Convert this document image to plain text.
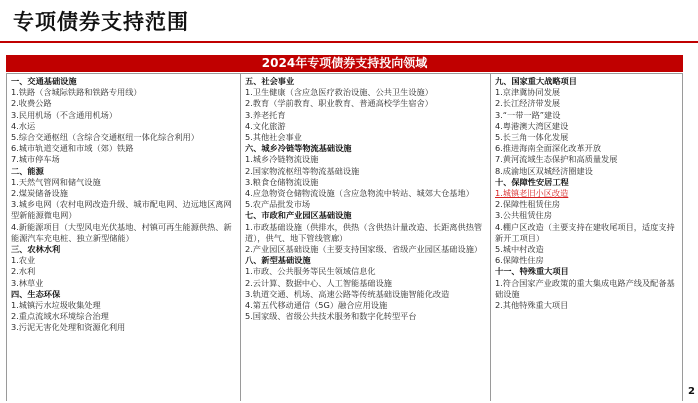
专项债券支持范围
2024年专项债券支持投向领域
一、交通基础设施
1.铁路（含城际铁路和铁路专用线）
2.收费公路
3.民用机场（不含通用机场）
4.水运
5.综合交通枢纽（含综合交通枢纽一体化综合利用）
6.城市轨道交通和市域（郊）铁路
7.城市停车场
二、能源
1.天然气管网和储气设施
2.煤炭储备设施
3.城乡电网（农村电网改造升级、城市配电网、边远地区离网型新能源微电网）
4.新能源项目（大型风电光伏基地、村镇可再生能源供热、新能源汽车充电桩、独立新型储能）
三、农林水利
1.农业
2.水利
3.林草业
四、生态环保
1.城镇污水垃圾收集处理
2.重点流域水环境综合治理
3.污泥无害化处理和资源化利用
五、社会事业
1.卫生健康（含应急医疗救治设施、公共卫生设施）
2.教育（学前教育、职业教育、普通高校学生宿舍）
3.养老托育
4.文化旅游
5.其他社会事业
六、城乡冷链等物流基础设施
1.城乡冷链物流设施
2.国家物流枢纽等物流基础设施
3.粮食仓储物流设施
4.应急物资仓储物流设施（含应急物流中转站、城郊大仓基地）
5.农产品批发市场
七、市政和产业园区基础设施
1.市政基础设施（供排水，供热（含供热计量改造、长距离供热管道），供气、地下管线管廊）
2.产业园区基础设施（主要支持国家级、省级产业园区基础设施）
八、新型基础设施
1.市政、公共服务等民生领域信息化
2.云计算、数据中心、人工智能基础设施
3.轨道交通、机场、高速公路等传统基础设施智能化改造
4.第五代移动通信（5G）融合应用设施
5.国家级、省级公共技术服务和数字化转型平台
九、国家重大战略项目
1.京津冀协同发展
2.长江经济带发展
3.“一带一路”建设
4.粤港澳大湾区建设
5.长三角一体化发展
6.推进海南全面深化改革开放
7.黄河流域生态保护和高质量发展
8.成渝地区双城经济圈建设
十、保障性安居工程
1.城镇老旧小区改造
2.保障性租赁住房
3.公共租赁住房
4.棚户区改造（主要支持在建收尾项目，适度支持新开工项目）
5.城中村改造
6.保障性住房
十一、特殊重大项目
1.符合国家产业政策的重大集成电路产线及配备基础设施
2.其他特殊重大项目
2
